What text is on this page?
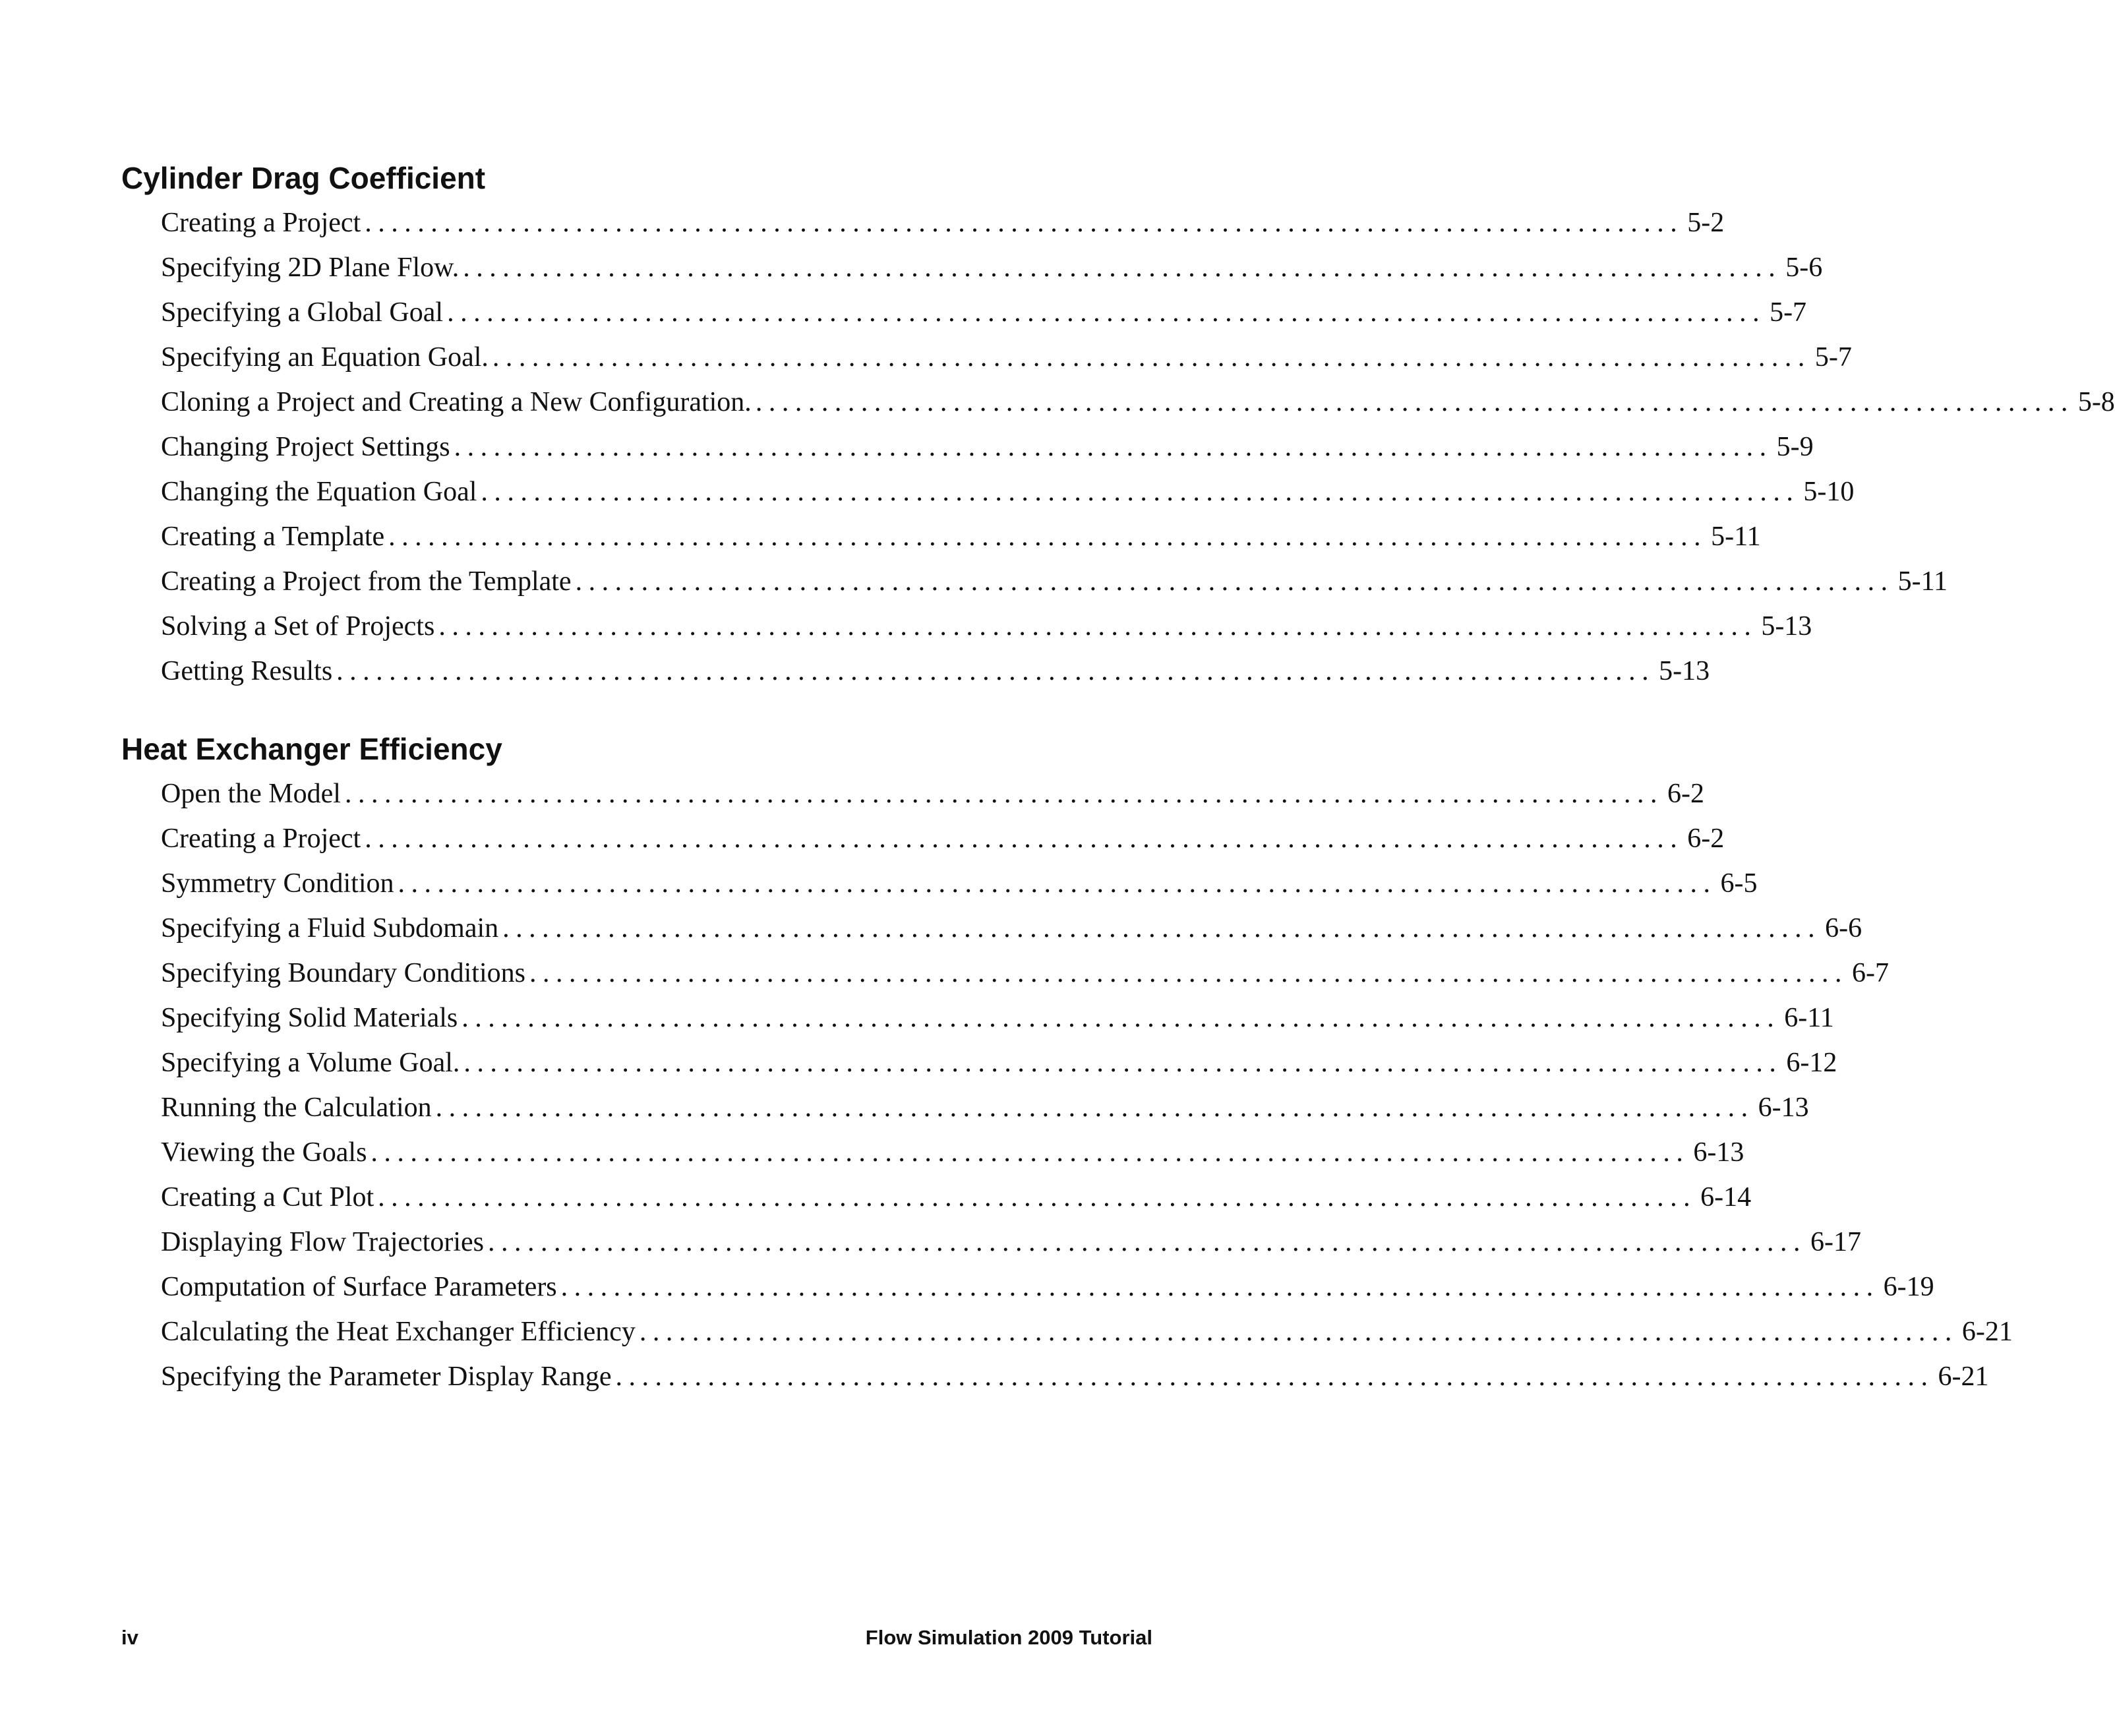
Cylinder Drag Coefficient
Creating a Project .................................................................................................... 5-2
Specifying 2D Plane Flow. .................................................................................................... 5-6
Specifying a Global Goal .................................................................................................... 5-7
Specifying an Equation Goal. .................................................................................................... 5-7
Cloning a Project and Creating a New Configuration. .................................................................................................... 5-8
Changing Project Settings .................................................................................................... 5-9
Changing the Equation Goal .................................................................................................... 5-10
Creating a Template .................................................................................................... 5-11
Creating a Project from the Template .................................................................................................... 5-11
Solving a Set of Projects .................................................................................................... 5-13
Getting Results .................................................................................................... 5-13
Heat Exchanger Efficiency
Open the Model .................................................................................................... 6-2
Creating a Project .................................................................................................... 6-2
Symmetry Condition .................................................................................................... 6-5
Specifying a Fluid Subdomain .................................................................................................... 6-6
Specifying Boundary Conditions .................................................................................................... 6-7
Specifying Solid Materials .................................................................................................... 6-11
Specifying a Volume Goal. .................................................................................................... 6-12
Running the Calculation .................................................................................................... 6-13
Viewing the Goals .................................................................................................... 6-13
Creating a Cut Plot .................................................................................................... 6-14
Displaying Flow Trajectories .................................................................................................... 6-17
Computation of Surface Parameters .................................................................................................... 6-19
Calculating the Heat Exchanger Efficiency .................................................................................................... 6-21
Specifying the Parameter Display Range .................................................................................................... 6-21
iv	Flow Simulation 2009 Tutorial
